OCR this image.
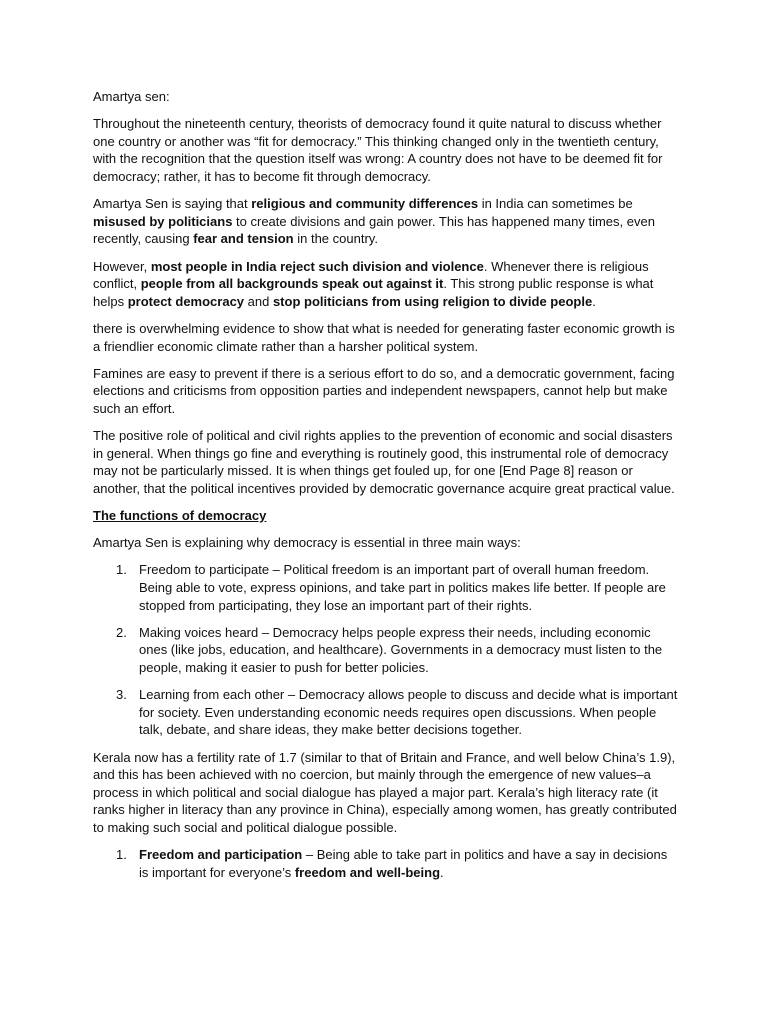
Amartya sen:

Throughout the nineteenth century, theorists of democracy found it quite natural to discuss whether one country or another was “fit for democracy.” This thinking changed only in the twentieth century, with the recognition that the question itself was wrong: A country does not have to be deemed fit for democracy; rather, it has to become fit through democracy.

Amartya Sen is saying that religious and community differences in India can sometimes be misused by politicians to create divisions and gain power. This has happened many times, even recently, causing fear and tension in the country.

However, most people in India reject such division and violence. Whenever there is religious conflict, people from all backgrounds speak out against it. This strong public response is what helps protect democracy and stop politicians from using religion to divide people.

there is overwhelming evidence to show that what is needed for generating faster economic growth is a friendlier economic climate rather than a harsher political system.

Famines are easy to prevent if there is a serious effort to do so, and a democratic government, facing elections and criticisms from opposition parties and independent newspapers, cannot help but make such an effort.

The positive role of political and civil rights applies to the prevention of economic and social disasters in general. When things go fine and everything is routinely good, this instrumental role of democracy may not be particularly missed. It is when things get fouled up, for one [End Page 8] reason or another, that the political incentives provided by democratic governance acquire great practical value.

The functions of democracy

Amartya Sen is explaining why democracy is essential in three main ways:

1. Freedom to participate – Political freedom is an important part of overall human freedom. Being able to vote, express opinions, and take part in politics makes life better. If people are stopped from participating, they lose an important part of their rights.
2. Making voices heard – Democracy helps people express their needs, including economic ones (like jobs, education, and healthcare). Governments in a democracy must listen to the people, making it easier to push for better policies.
3. Learning from each other – Democracy allows people to discuss and decide what is important for society. Even understanding economic needs requires open discussions. When people talk, debate, and share ideas, they make better decisions together.

Kerala now has a fertility rate of 1.7 (similar to that of Britain and France, and well below China’s 1.9), and this has been achieved with no coercion, but mainly through the emergence of new values–a process in which political and social dialogue has played a major part. Kerala’s high literacy rate (it ranks higher in literacy than any province in China), especially among women, has greatly contributed to making such social and political dialogue possible.

1. Freedom and participation – Being able to take part in politics and have a say in decisions is important for everyone’s freedom and well-being.
